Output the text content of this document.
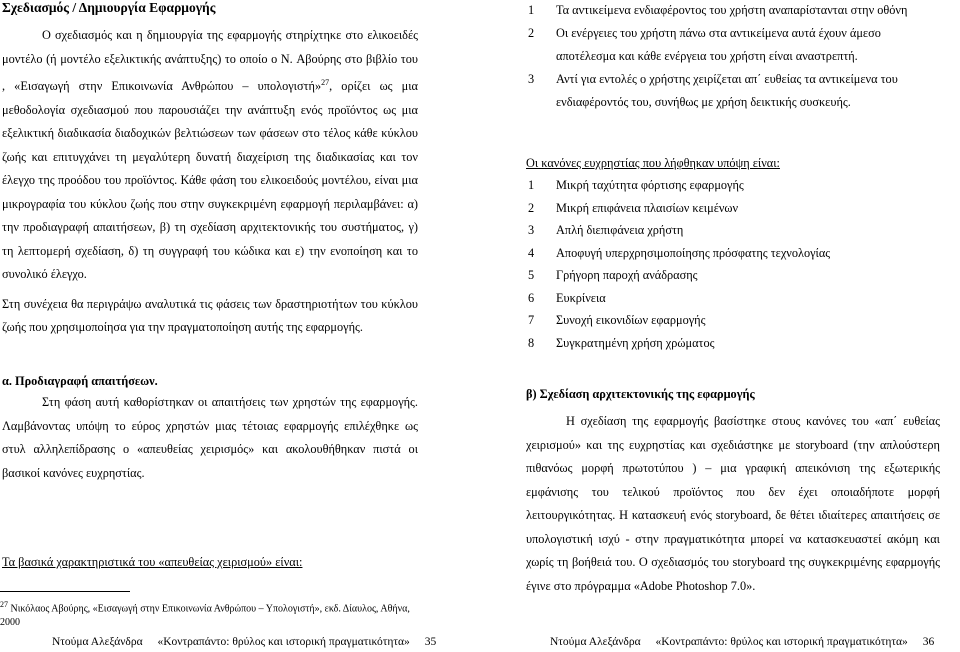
Σχεδιασμός / Δημιουργία Εφαρμογής

Ο σχεδιασμός και η δημιουργία της εφαρμογής στηρίχτηκε στο ελικοειδές μοντέλο (ή μοντέλο εξελικτικής ανάπτυξης) το οποίο ο N. Αβούρης στο βιβλίο του , «Εισαγωγή στην Επικοινωνία Ανθρώπου – υπολογιστή»$^{27}$, ορίζει ως μια μεθοδολογία σχεδιασμού που παρουσιάζει την ανάπτυξη ενός προϊόντος ως μια εξελικτική διαδικασία διαδοχικών βελτιώσεων των φάσεων στο τέλος κάθε κύκλου ζωής και επιτυγχάνει τη μεγαλύτερη δυνατή διαχείριση της διαδικασίας και τον έλεγχο της προόδου του προϊόντος. Κάθε φάση του ελικοειδούς μοντέλου, είναι μια μικρογραφία του κύκλου ζωής που στην συγκεκριμένη εφαρμογή περιλαμβάνει: α) την προδιαγραφή απαιτήσεων, β) τη σχεδίαση αρχιτεκτονικής του συστήματος, γ) τη λεπτομερή σχεδίαση, δ) τη συγγραφή του κώδικα και ε) την ενοποίηση και το συνολικό έλεγχο.

Στη συνέχεια θα περιγράψω αναλυτικά τις φάσεις των δραστηριοτήτων του κύκλου ζωής που χρησιμοποίησα για την πραγματοποίηση αυτής της εφαρμογής.

α. Προδιαγραφή απαιτήσεων.

Στη φάση αυτή καθορίστηκαν οι απαιτήσεις των χρηστών της εφαρμογής. Λαμβάνοντας υπόψη το εύρος χρηστών μιας τέτοιας εφαρμογής επιλέχθηκε ως στυλ αλληλεπίδρασης ο «απευθείας χειρισμός» και ακολουθήθηκαν πιστά οι βασικοί κανόνες ευχρηστίας.

Τα βασικά χαρακτηριστικά του «απευθείας χειρισμού» είναι:

$^{27}$ Νικόλαος Αβούρης, «Εισαγωγή στην Επικοινωνία Ανθρώπου – Υπολογιστή», εκδ. Δίαυλος, Αθήνα, 2000
Ντούμα Αλεξάνδρα «Κοντραπάντο: θρύλος και ιστορική πραγματικότητα» 35
1 Τα αντικείμενα ενδιαφέροντος του χρήστη αναπαρίστανται στην οθόνη
2 Οι ενέργειες του χρήστη πάνω στα αντικείμενα αυτά έχουν άμεσο αποτέλεσμα και κάθε ενέργεια του χρήστη είναι αναστρεπτή.
3 Αντί για εντολές ο χρήστης χειρίζεται απ΄ ευθείας τα αντικείμενα του ενδιαφέροντός του, συνήθως με χρήση δεικτικής συσκευής.

Οι κανόνες ευχρηστίας που λήφθηκαν υπόψη είναι:

1 Μικρή ταχύτητα φόρτισης εφαρμογής
2 Μικρή επιφάνεια πλαισίων κειμένων
3 Απλή διεπιφάνεια χρήστη
4 Αποφυγή υπερχρησιμοποίησης πρόσφατης τεχνολογίας
5 Γρήγορη παροχή ανάδρασης
6 Ευκρίνεια
7 Συνοχή εικονιδίων εφαρμογής
8 Συγκρατημένη χρήση χρώματος

β) Σχεδίαση αρχιτεκτονικής της εφαρμογής

Η σχεδίαση της εφαρμογής βασίστηκε στους κανόνες του «απ΄ ευθείας χειρισμού» και της ευχρηστίας και σχεδιάστηκε με storyboard (την απλούστερη πιθανόως μορφή πρωτοτύπου ) – μια γραφική απεικόνιση της εξωτερικής εμφάνισης του τελικού προϊόντος που δεν έχει οποιαδήποτε μορφή λειτουργικότητας. Η κατασκευή ενός storyboard, δε θέτει ιδιαίτερες απαιτήσεις σε υπολογιστική ισχύ - στην πραγματικότητα μπορεί να κατασκευαστεί ακόμη και χωρίς τη βοήθειά του. Ο σχεδιασμός του storyboard της συγκεκριμένης εφαρμογής έγινε στο πρόγραμμα «Adobe Photoshop 7.0».

Ντούμα Αλεξάνδρα «Κοντραπάντο: θρύλος και ιστορική πραγματικότητα» 36
